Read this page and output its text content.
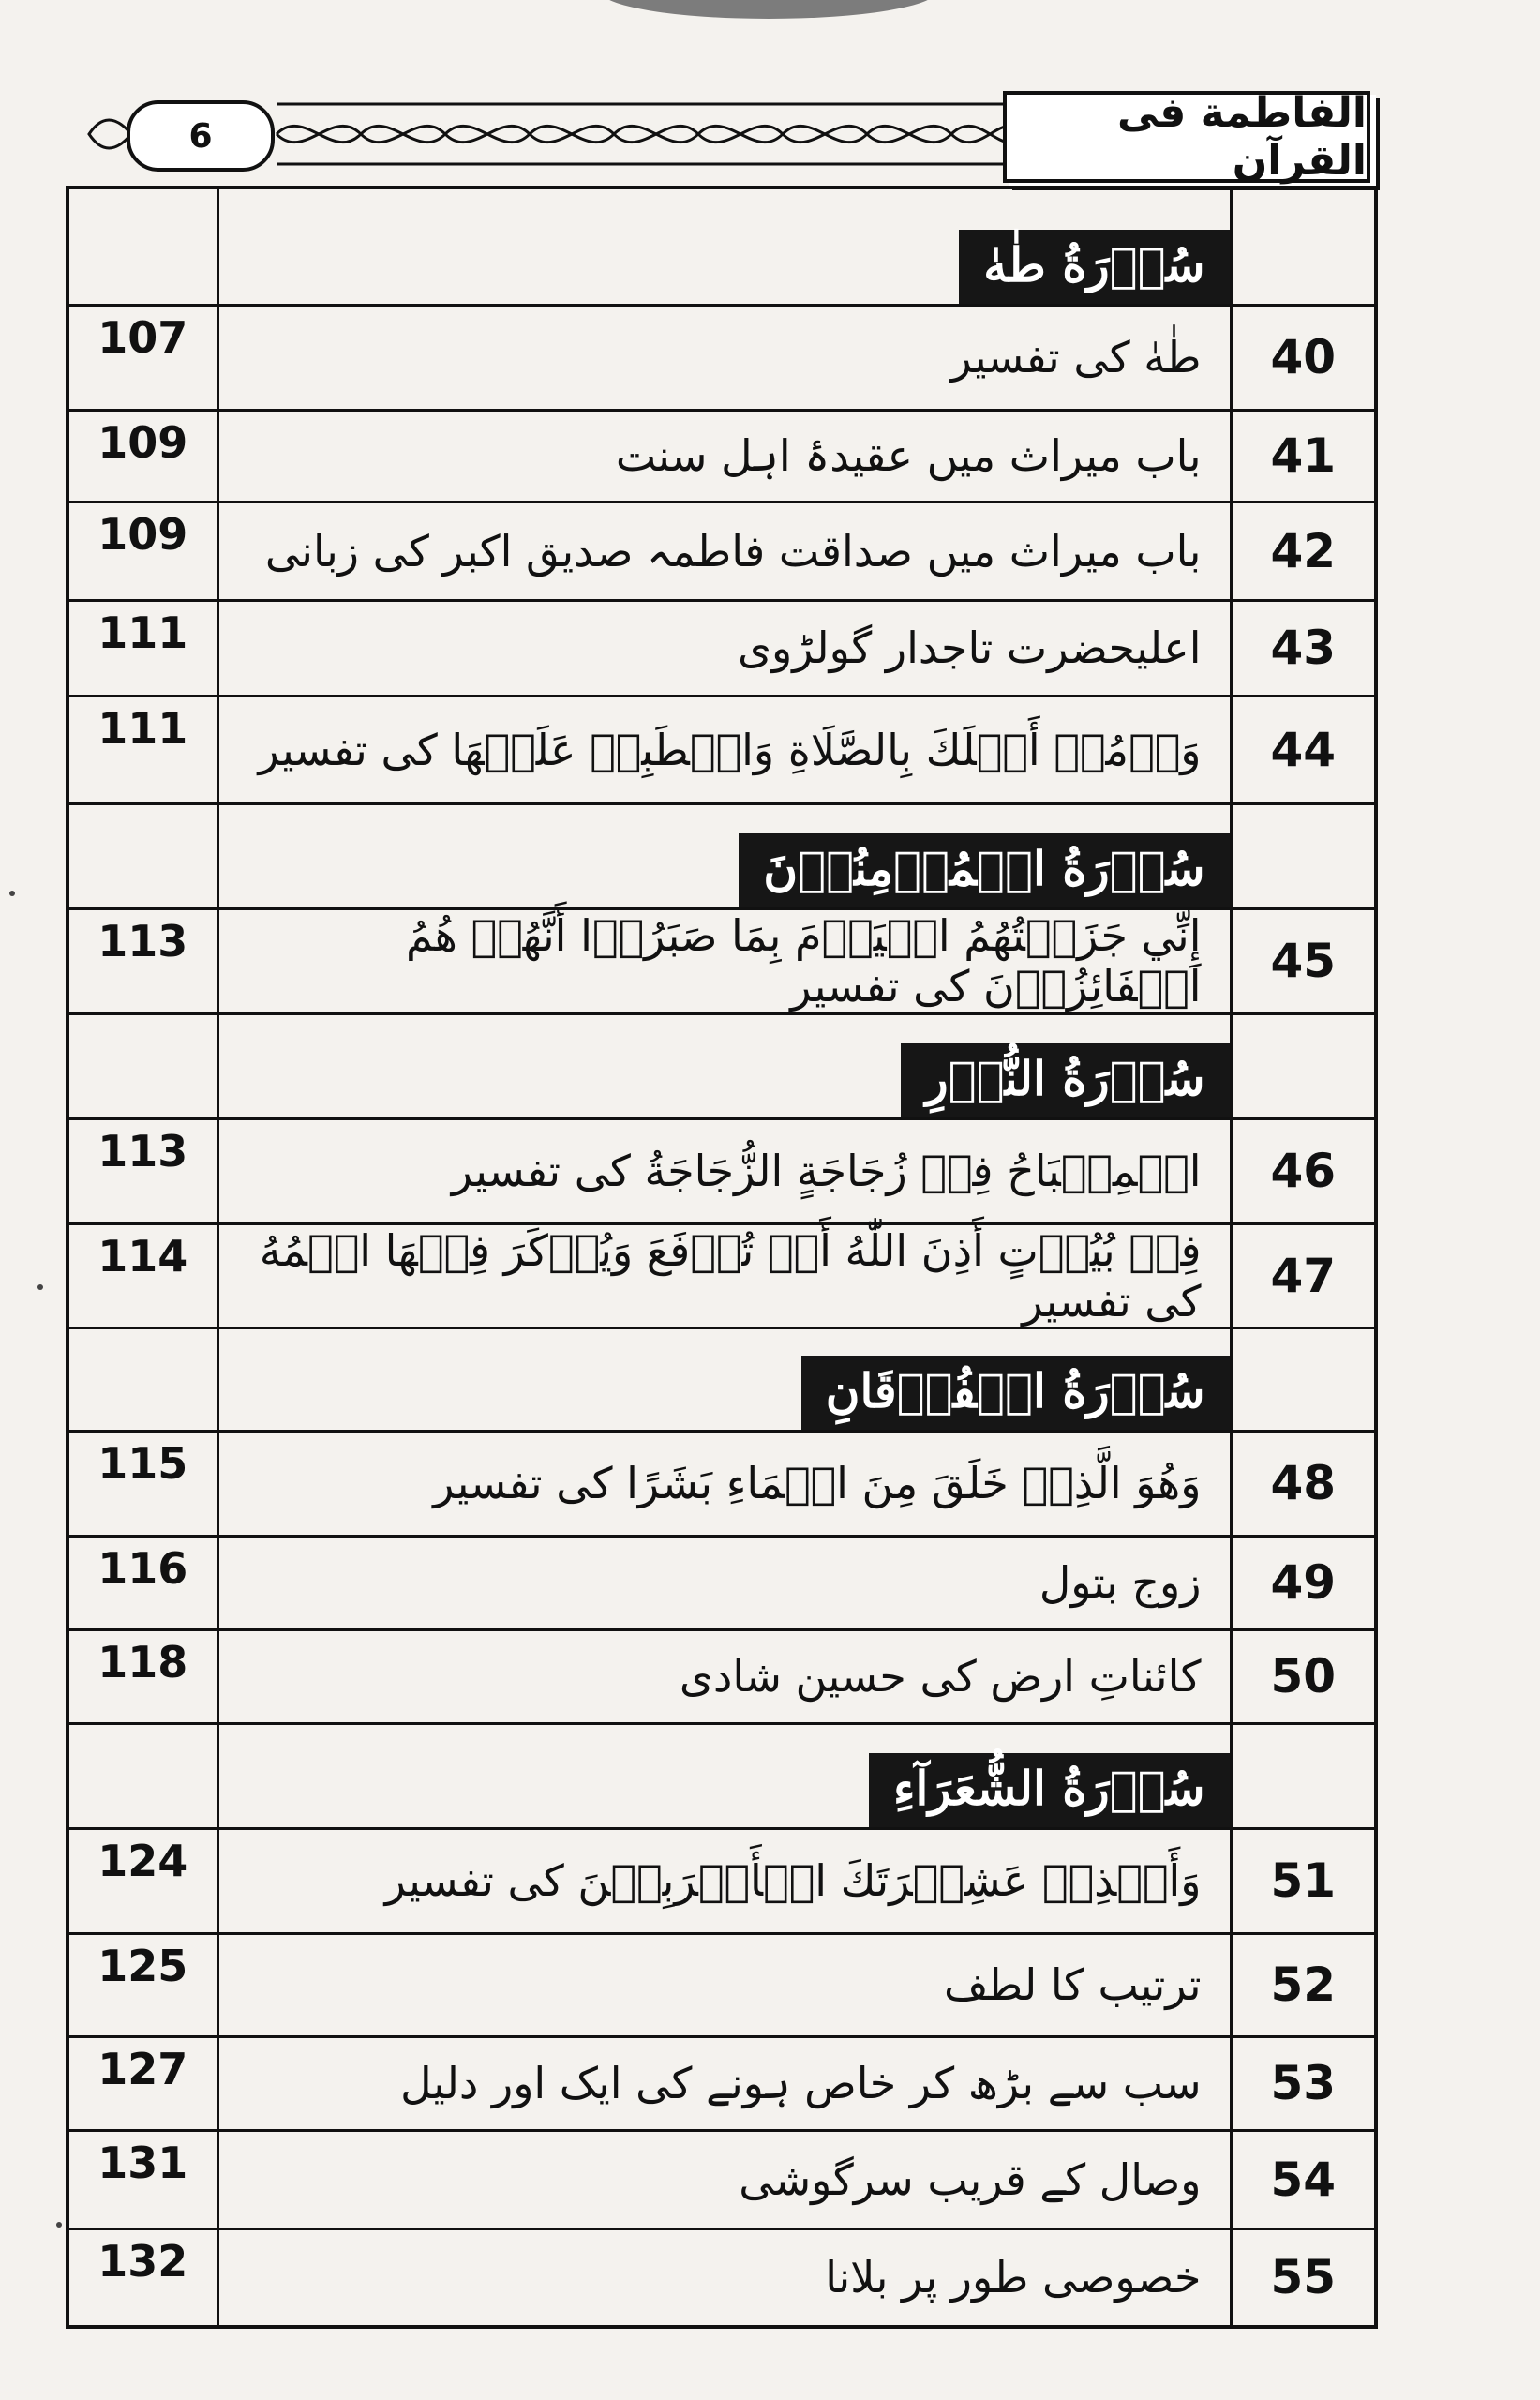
6	الفاطمة فی القرآن
	سُوۡرَةُ طٰهٰ	
107	طٰهٰ کی تفسیر	40
109	باب میراث میں عقیدۂ اہل سنت	41
109	باب میراث میں صداقت فاطمہ صدیق اکبر کی زبانی	42
111	اعلیحضرت تاجدار گولڑوی	43
111	وَأۡمُرۡ أَهۡلَكَ بِالصَّلَاةِ وَاصۡطَبِرۡ عَلَيۡهَا کی تفسیر	44
	سُوۡرَةُ الۡمُؤۡمِنُوۡنَ	
113	إِنِّي جَزَيۡتُهُمُ الۡيَوۡمَ بِمَا صَبَرُوۡا أَنَّهُمۡ هُمُ الۡفَائِزُوۡنَ کی تفسیر	45
	سُوۡرَةُ النُّوۡرِ	
113	الۡمِصۡبَاحُ فِيۡ زُجَاجَةٍ الزُّجَاجَةُ کی تفسیر	46
114	فِيۡ بُيُوۡتٍ أَذِنَ اللّٰهُ أَنۡ تُرۡفَعَ وَيُذۡكَرَ فِيۡهَا اسۡمُهُ کی تفسیر	47
	سُوۡرَةُ الۡفُرۡقَانِ	
115	وَهُوَ الَّذِيۡ خَلَقَ مِنَ الۡمَاءِ بَشَرًا کی تفسیر	48
116	زوج بتول	49
118	کائناتِ ارض کی حسین شادی	50
	سُوۡرَةُ الشُّعَرَآءِ	
124	وَأَنۡذِرۡ عَشِيۡرَتَكَ الۡأَقۡرَبِيۡنَ کی تفسیر	51
125	ترتیب کا لطف	52
127	سب سے بڑھ کر خاص ہونے کی ایک اور دلیل	53
131	وصال کے قریب سرگوشی	54
132	خصوصی طور پر بلانا	55
